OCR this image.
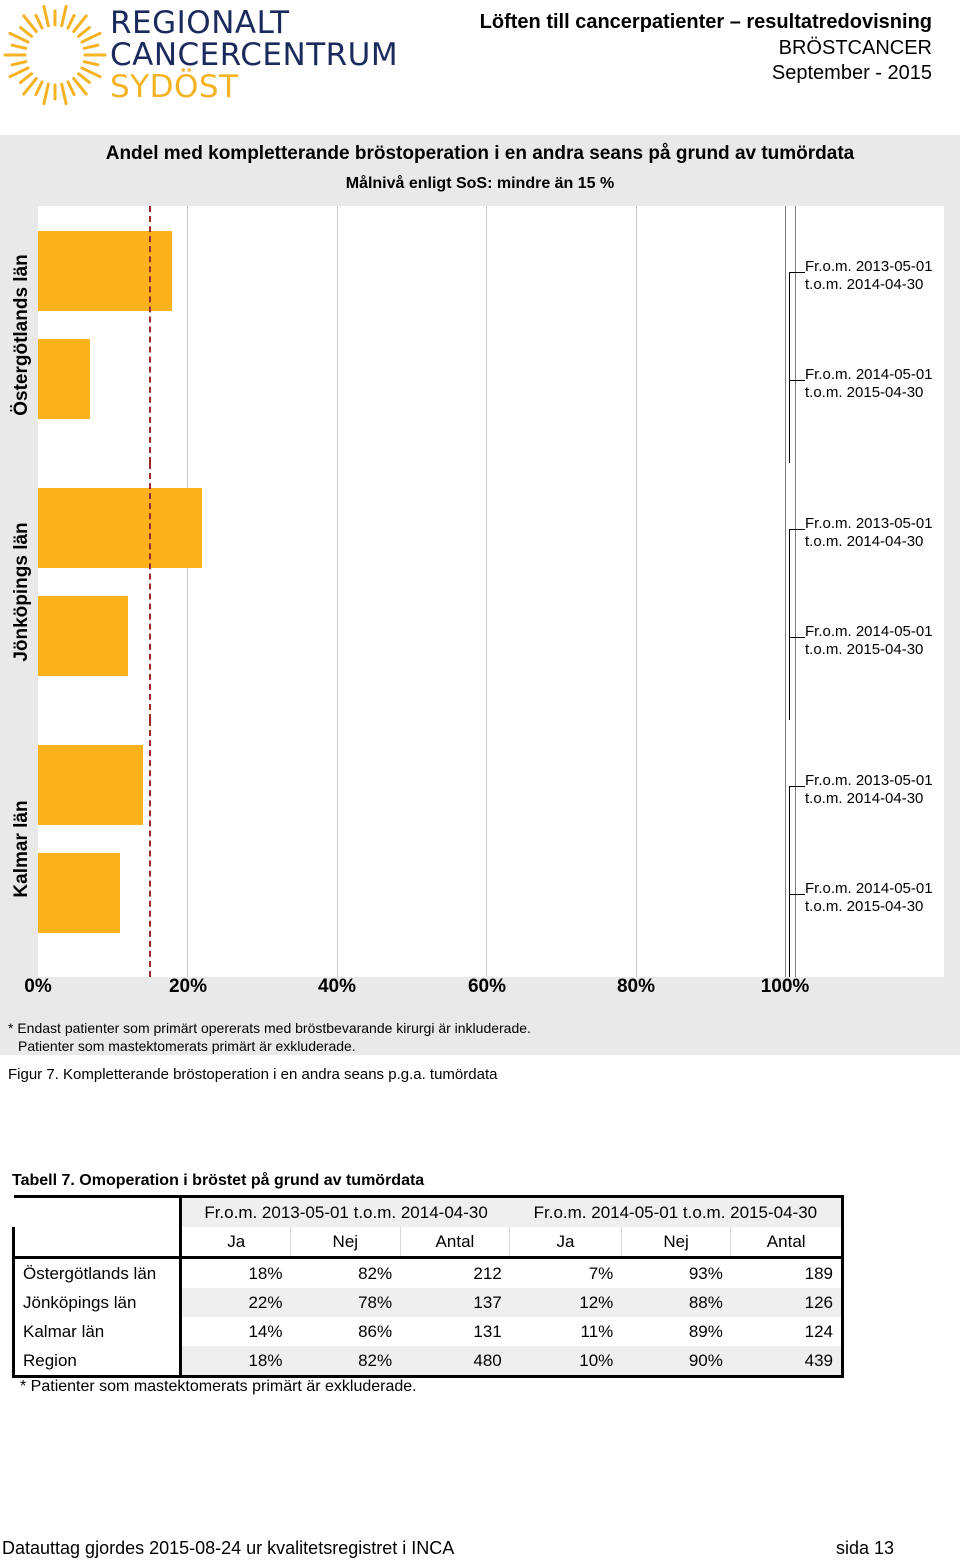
REGIONALT
CANCERCENTRUM
SYDÖST
Löften till cancerpatienter – resultatredovisning
BRÖSTCANCER
September - 2015
Andel med kompletterande bröstoperation i en andra seans på grund av tumördata
Målnivå enligt SoS: mindre än 15 %
Östergötlands län	Fr.o.m. 2013-05-01
t.o.m. 2014-04-30
Fr.o.m. 2014-05-01
t.o.m. 2015-04-30
Jönköpings län	Fr.o.m. 2013-05-01
t.o.m. 2014-04-30
Fr.o.m. 2014-05-01
t.o.m. 2015-04-30
Kalmar län
Fr.o.m. 2013-05-01
t.o.m. 2014-04-30
Fr.o.m. 2014-05-01
t.o.m. 2015-04-30
0%	20%	40%	60%	80%	100%
* Endast patienter som primärt opererats med bröstbevarande kirurgi är inkluderade.
Patienter som mastektomerats primärt är exkluderade.
Figur 7. Kompletterande bröstoperation i en andra seans p.g.a. tumördata
Tabell 7. Omoperation i bröstet på grund av tumördata
	Fr.o.m. 2013-05-01 t.o.m. 2014-04-30			Fr.o.m. 2014-05-01 t.o.m. 2015-04-30		
	Ja	Nej	Antal	Ja	Nej	Antal
Östergötlands län	18%	82%	212	7%	93%	189
Jönköpings län	22%	78%	137	12%	88%	126
Kalmar län	14%	86%	131	11%	89%	124
Region	18%	82%	480	10%	90%	439
* Patienter som mastektomerats primärt är exkluderade.
Datauttag gjordes 2015-08-24 ur kvalitetsregistret i INCA	sida 13
